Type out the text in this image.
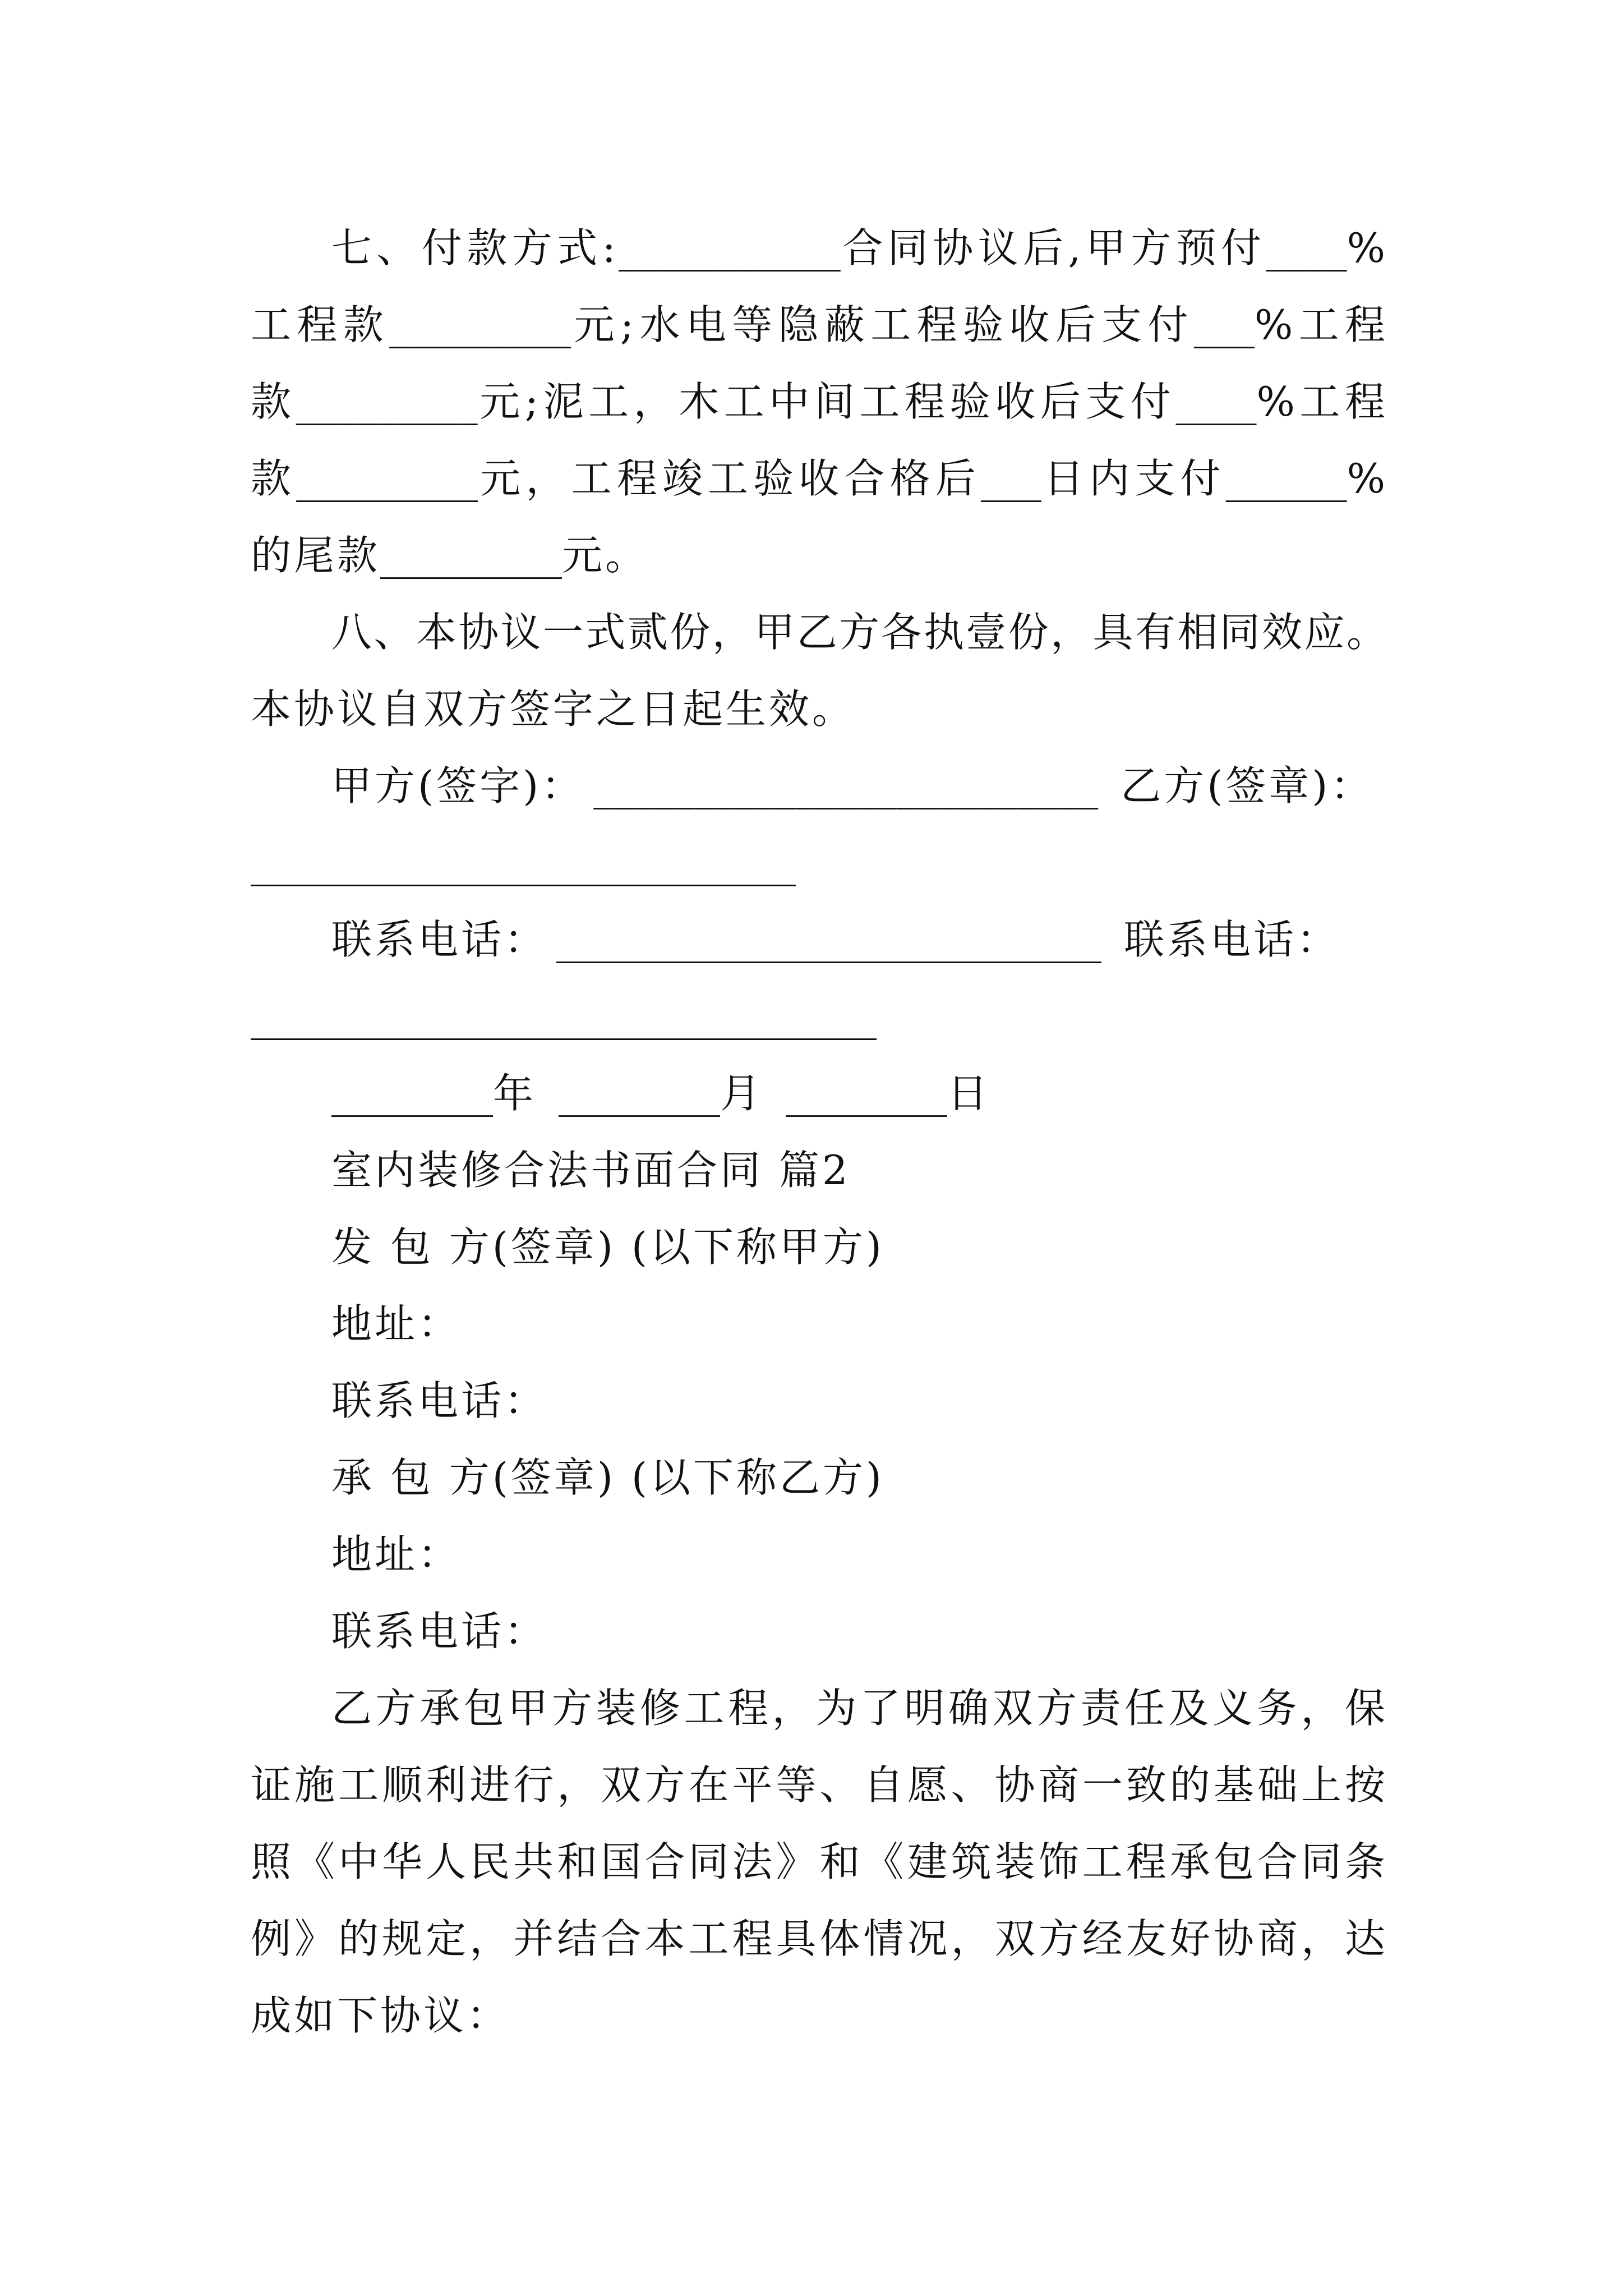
七、付款方式:___________合同协议后,甲方预付____%
工程款_________元;水电等隐蔽工程验收后支付___%工程
款_________元;泥工，木工中间工程验收后支付____%工程
款_________元，工程竣工验收合格后___日内支付______%
的尾款_________元。
八、本协议一式贰份，甲乙方各执壹份，具有相同效应。
本协议自双方签字之日起生效。
甲方(签字)： _________________________ 乙方(签章)：
___________________________
联系电话： ___________________________ 联系电话：
_______________________________
________年 ________月 ________日
室内装修合法书面合同 篇2
发 包 方(签章) (以下称甲方)
地址：
联系电话：
承 包 方(签章) (以下称乙方)
地址：
联系电话：
乙方承包甲方装修工程，为了明确双方责任及义务，保
证施工顺利进行，双方在平等、自愿、协商一致的基础上按
照《中华人民共和国合同法》和《建筑装饰工程承包合同条
例》的规定，并结合本工程具体情况，双方经友好协商，达
成如下协议：
